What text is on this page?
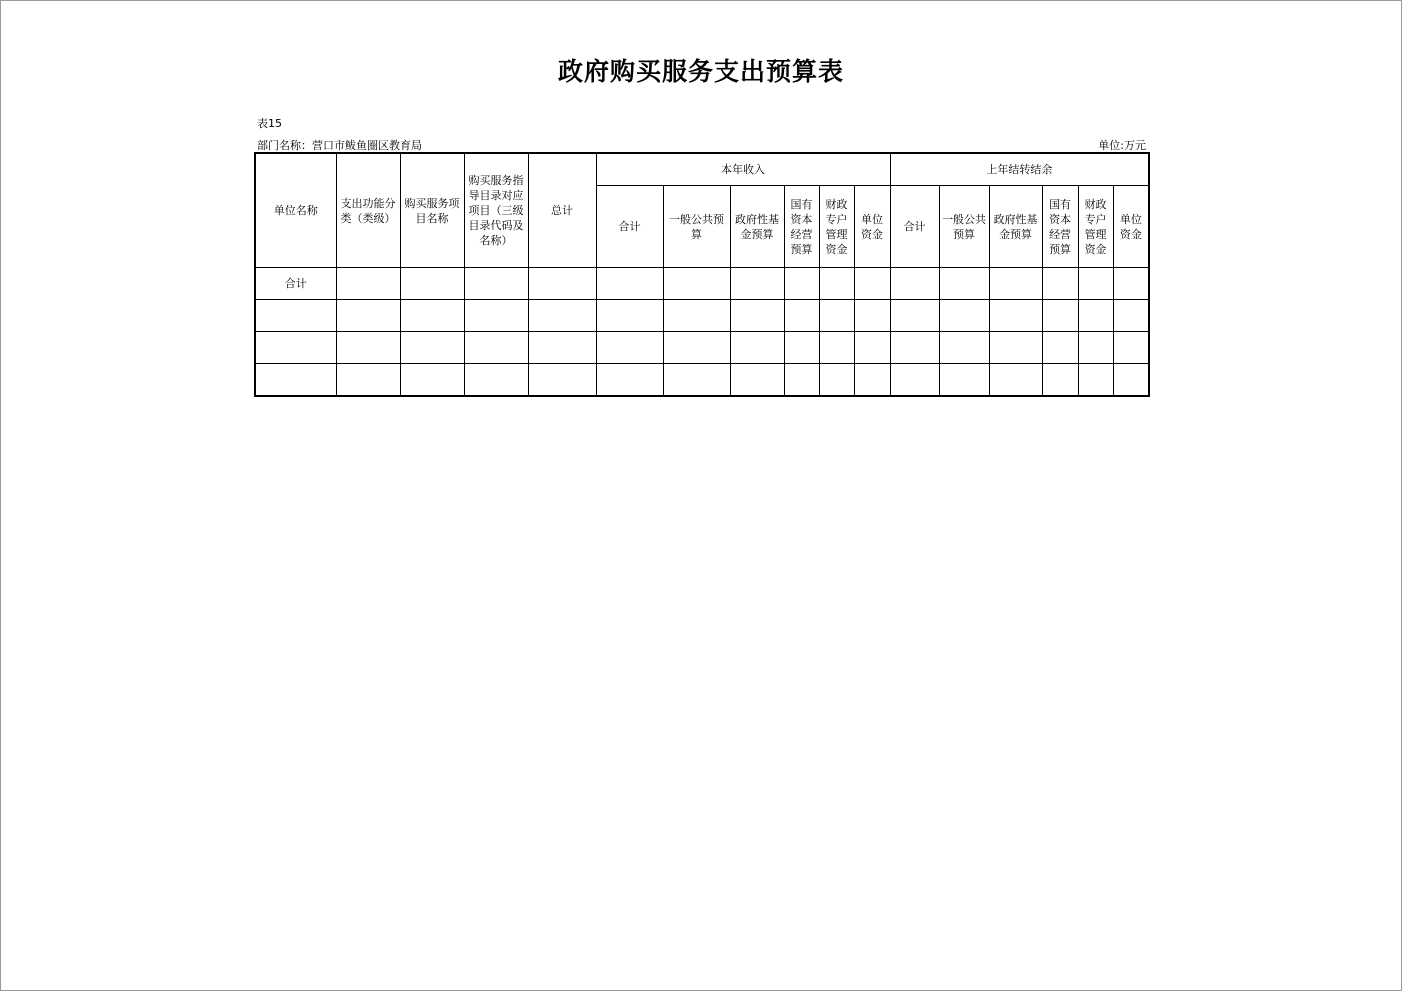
政府购买服务支出预算表
表15
部门名称：营口市鲅鱼圈区教育局	单位:万元
单位名称	支出功能分类（类级）	购买服务项目名称	购买服务指导目录对应项目（三级目录代码及名称）	总计	本年收入						上年结转结余					
					合计	一般公共预算	政府性基金预算	国有资本经营预算	财政专户管理资金	单位资金	合计	一般公共预算	政府性基金预算	国有资本经营预算	财政专户管理资金	单位资金
合计																
